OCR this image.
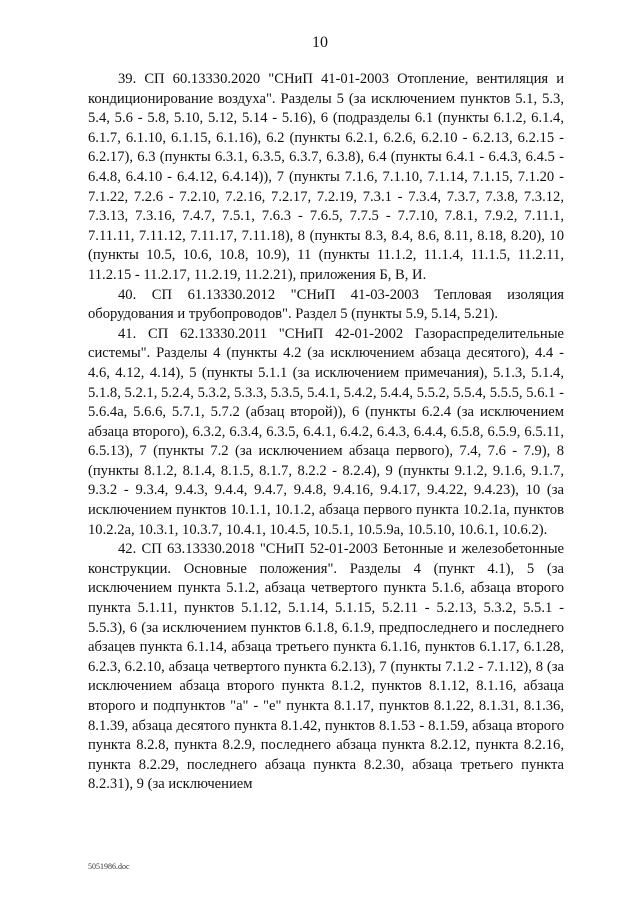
10

39. СП 60.13330.2020 "СНиП 41-01-2003 Отопление, вентиляция и кондиционирование воздуха". Разделы 5 (за исключением пунктов 5.1, 5.3, 5.4, 5.6 - 5.8, 5.10, 5.12, 5.14 - 5.16), 6 (подразделы 6.1 (пункты 6.1.2, 6.1.4, 6.1.7, 6.1.10, 6.1.15, 6.1.16), 6.2 (пункты 6.2.1, 6.2.6, 6.2.10 - 6.2.13, 6.2.15 - 6.2.17), 6.3 (пункты 6.3.1, 6.3.5, 6.3.7, 6.3.8), 6.4 (пункты 6.4.1 - 6.4.3, 6.4.5 - 6.4.8, 6.4.10 - 6.4.12, 6.4.14)), 7 (пункты 7.1.6, 7.1.10, 7.1.14, 7.1.15, 7.1.20 - 7.1.22, 7.2.6 - 7.2.10, 7.2.16, 7.2.17, 7.2.19, 7.3.1 - 7.3.4, 7.3.7, 7.3.8, 7.3.12, 7.3.13, 7.3.16, 7.4.7, 7.5.1, 7.6.3 - 7.6.5, 7.7.5 - 7.7.10, 7.8.1, 7.9.2, 7.11.1, 7.11.11, 7.11.12, 7.11.17, 7.11.18), 8 (пункты 8.3, 8.4, 8.6, 8.11, 8.18, 8.20), 10 (пункты 10.5, 10.6, 10.8, 10.9), 11 (пункты 11.1.2, 11.1.4, 11.1.5, 11.2.11, 11.2.15 - 11.2.17, 11.2.19, 11.2.21), приложения Б, В, И.

40. СП 61.13330.2012 "СНиП 41-03-2003 Тепловая изоляция оборудования и трубопроводов". Раздел 5 (пункты 5.9, 5.14, 5.21).

41. СП 62.13330.2011 "СНиП 42-01-2002 Газораспределительные системы". Разделы 4 (пункты 4.2 (за исключением абзаца десятого), 4.4 - 4.6, 4.12, 4.14), 5 (пункты 5.1.1 (за исключением примечания), 5.1.3, 5.1.4, 5.1.8, 5.2.1, 5.2.4, 5.3.2, 5.3.3, 5.3.5, 5.4.1, 5.4.2, 5.4.4, 5.5.2, 5.5.4, 5.5.5, 5.6.1 - 5.6.4а, 5.6.6, 5.7.1, 5.7.2 (абзац второй)), 6 (пункты 6.2.4 (за исключением абзаца второго), 6.3.2, 6.3.4, 6.3.5, 6.4.1, 6.4.2, 6.4.3, 6.4.4, 6.5.8, 6.5.9, 6.5.11, 6.5.13), 7 (пункты 7.2 (за исключением абзаца первого), 7.4, 7.6 - 7.9), 8 (пункты 8.1.2, 8.1.4, 8.1.5, 8.1.7, 8.2.2 - 8.2.4), 9 (пункты 9.1.2, 9.1.6, 9.1.7, 9.3.2 - 9.3.4, 9.4.3, 9.4.4, 9.4.7, 9.4.8, 9.4.16, 9.4.17, 9.4.22, 9.4.23), 10 (за исключением пунктов 10.1.1, 10.1.2, абзаца первого пункта 10.2.1а, пунктов 10.2.2а, 10.3.1, 10.3.7, 10.4.1, 10.4.5, 10.5.1, 10.5.9а, 10.5.10, 10.6.1, 10.6.2).

42. СП 63.13330.2018 "СНиП 52-01-2003 Бетонные и железобетонные конструкции. Основные положения". Разделы 4 (пункт 4.1), 5 (за исключением пункта 5.1.2, абзаца четвертого пункта 5.1.6, абзаца второго пункта 5.1.11, пунктов 5.1.12, 5.1.14, 5.1.15, 5.2.11 - 5.2.13, 5.3.2, 5.5.1 - 5.5.3), 6 (за исключением пунктов 6.1.8, 6.1.9, предпоследнего и последнего абзацев пункта 6.1.14, абзаца третьего пункта 6.1.16, пунктов 6.1.17, 6.1.28, 6.2.3, 6.2.10, абзаца четвертого пункта 6.2.13), 7 (пункты 7.1.2 - 7.1.12), 8 (за исключением абзаца второго пункта 8.1.2, пунктов 8.1.12, 8.1.16, абзаца второго и подпунктов "а" - "е" пункта 8.1.17, пунктов 8.1.22, 8.1.31, 8.1.36, 8.1.39, абзаца десятого пункта 8.1.42, пунктов 8.1.53 - 8.1.59, абзаца второго пункта 8.2.8, пункта 8.2.9, последнего абзаца пункта 8.2.12, пункта 8.2.16, пункта 8.2.29, последнего абзаца пункта 8.2.30, абзаца третьего пункта 8.2.31), 9 (за исключением

5051986.doc
